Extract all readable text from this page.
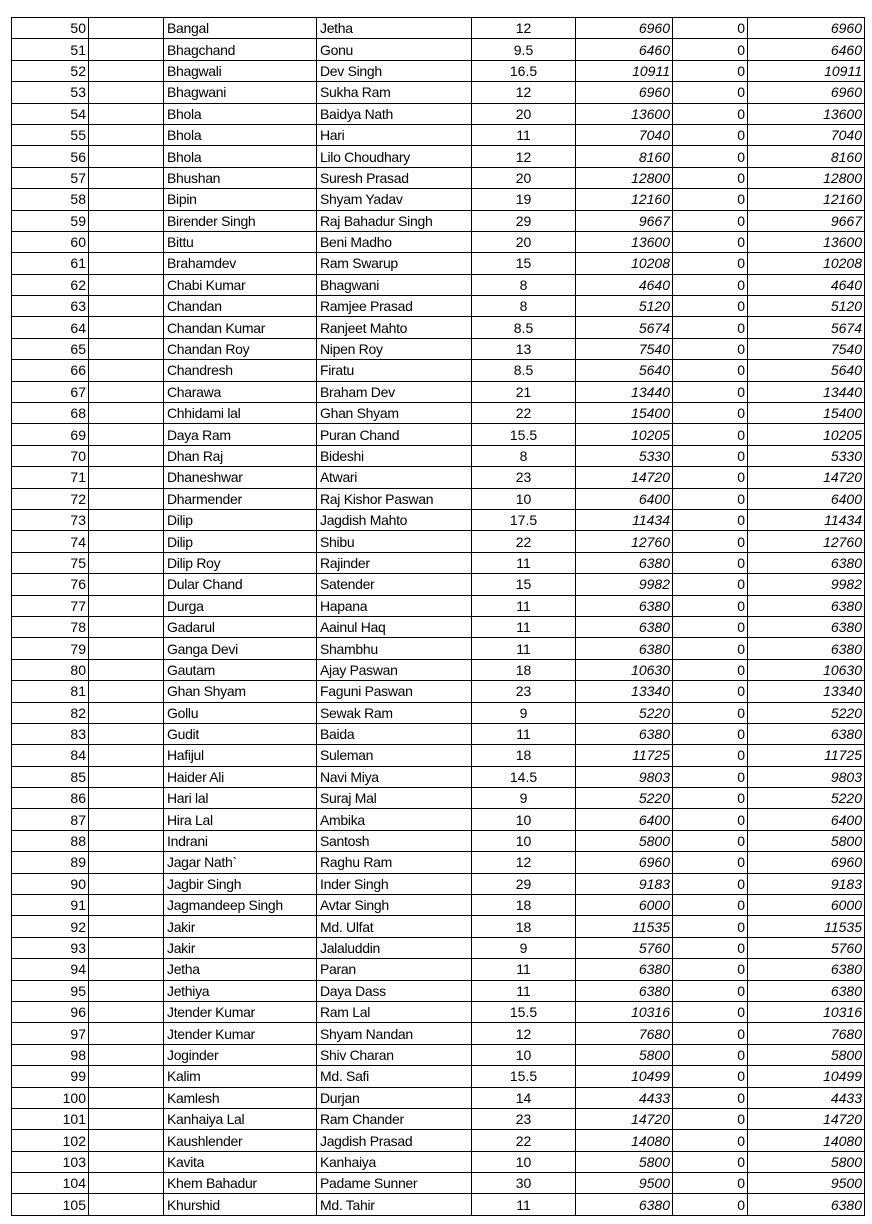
50		Bangal	Jetha	12	6960	0	6960
51		Bhagchand	Gonu	9.5	6460	0	6460
52		Bhagwali	Dev Singh	16.5	10911	0	10911
53		Bhagwani	Sukha Ram	12	6960	0	6960
54		Bhola	Baidya Nath	20	13600	0	13600
55		Bhola	Hari	11	7040	0	7040
56		Bhola	Lilo Choudhary	12	8160	0	8160
57		Bhushan	Suresh Prasad	20	12800	0	12800
58		Bipin	Shyam Yadav	19	12160	0	12160
59		Birender Singh	Raj Bahadur Singh	29	9667	0	9667
60		Bittu	Beni Madho	20	13600	0	13600
61		Brahamdev	Ram Swarup	15	10208	0	10208
62		Chabi Kumar	Bhagwani	8	4640	0	4640
63		Chandan	Ramjee Prasad	8	5120	0	5120
64		Chandan Kumar	Ranjeet Mahto	8.5	5674	0	5674
65		Chandan Roy	Nipen Roy	13	7540	0	7540
66		Chandresh	Firatu	8.5	5640	0	5640
67		Charawa	Braham Dev	21	13440	0	13440
68		Chhidami lal	Ghan Shyam	22	15400	0	15400
69		Daya Ram	Puran Chand	15.5	10205	0	10205
70		Dhan Raj	Bideshi	8	5330	0	5330
71		Dhaneshwar	Atwari	23	14720	0	14720
72		Dharmender	Raj Kishor Paswan	10	6400	0	6400
73		Dilip	Jagdish Mahto	17.5	11434	0	11434
74		Dilip	Shibu	22	12760	0	12760
75		Dilip Roy	Rajinder	11	6380	0	6380
76		Dular Chand	Satender	15	9982	0	9982
77		Durga	Hapana	11	6380	0	6380
78		Gadarul	Aainul Haq	11	6380	0	6380
79		Ganga Devi	Shambhu	11	6380	0	6380
80		Gautam	Ajay Paswan	18	10630	0	10630
81		Ghan Shyam	Faguni Paswan	23	13340	0	13340
82		Gollu	Sewak Ram	9	5220	0	5220
83		Gudit	Baida	11	6380	0	6380
84		Hafijul	Suleman	18	11725	0	11725
85		Haider Ali	Navi Miya	14.5	9803	0	9803
86		Hari lal	Suraj Mal	9	5220	0	5220
87		Hira Lal	Ambika	10	6400	0	6400
88		Indrani	Santosh	10	5800	0	5800
89		Jagar Nath`	Raghu Ram	12	6960	0	6960
90		Jagbir Singh	Inder Singh	29	9183	0	9183
91		Jagmandeep Singh	Avtar Singh	18	6000	0	6000
92		Jakir	Md. Ulfat	18	11535	0	11535
93		Jakir	Jalaluddin	9	5760	0	5760
94		Jetha	Paran	11	6380	0	6380
95		Jethiya	Daya Dass	11	6380	0	6380
96		Jtender Kumar	Ram Lal	15.5	10316	0	10316
97		Jtender Kumar	Shyam Nandan	12	7680	0	7680
98		Joginder	Shiv Charan	10	5800	0	5800
99		Kalim	Md. Safi	15.5	10499	0	10499
100		Kamlesh	Durjan	14	4433	0	4433
101		Kanhaiya Lal	Ram Chander	23	14720	0	14720
102		Kaushlender	Jagdish Prasad	22	14080	0	14080
103		Kavita	Kanhaiya	10	5800	0	5800
104		Khem Bahadur	Padame Sunner	30	9500	0	9500
105		Khurshid	Md. Tahir	11	6380	0	6380
